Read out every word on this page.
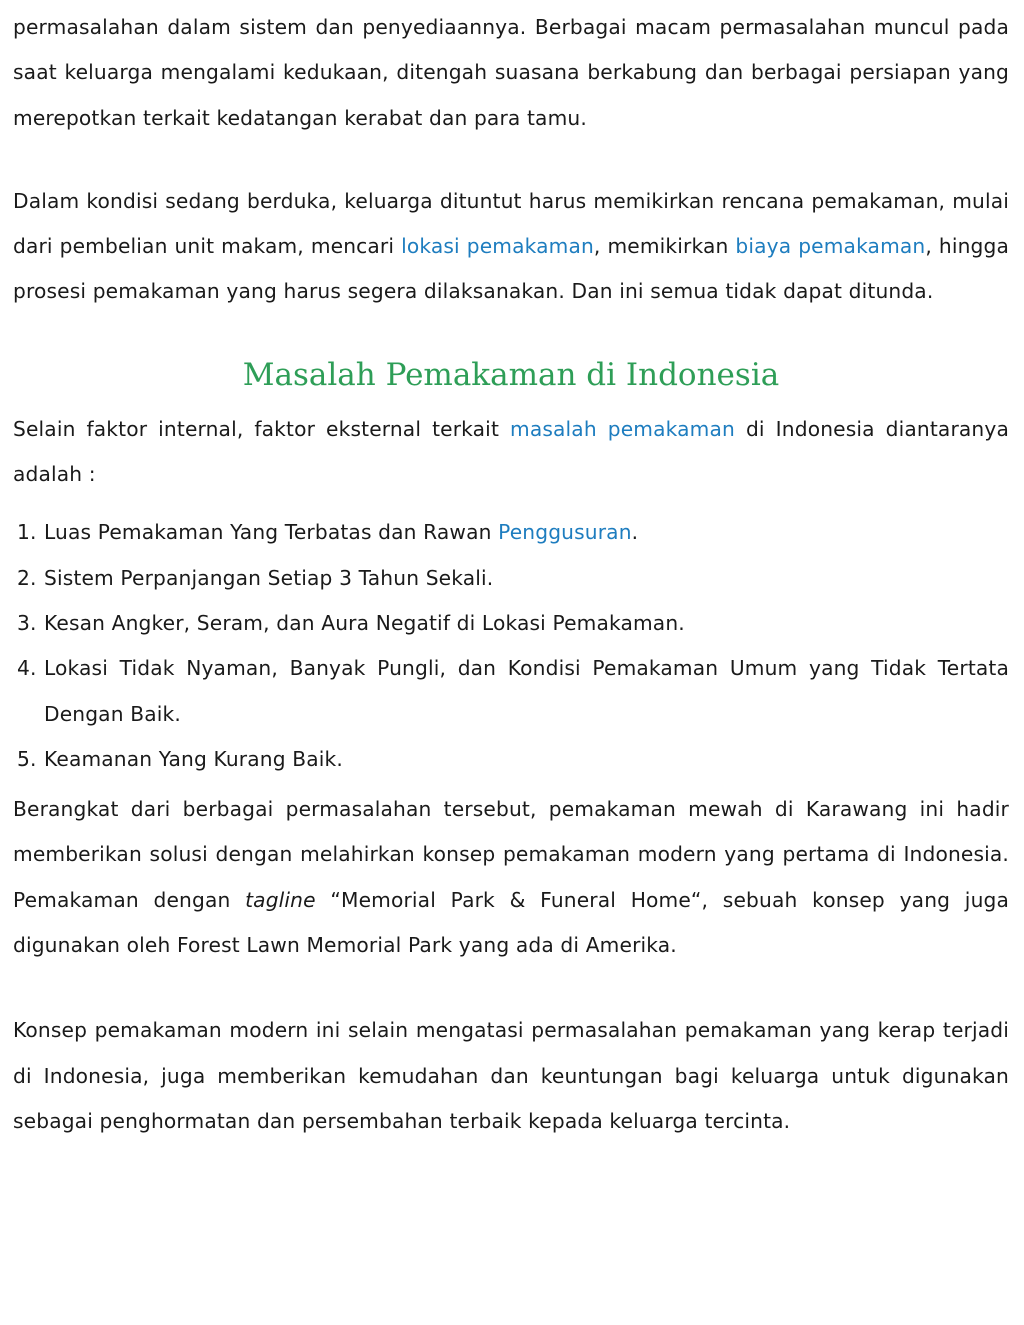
permasalahan dalam sistem dan penyediaannya. Berbagai macam permasalahan muncul pada saat keluarga mengalami kedukaan, ditengah suasana berkabung dan berbagai persiapan yang merepotkan terkait kedatangan kerabat dan para tamu.

Dalam kondisi sedang berduka, keluarga dituntut harus memikirkan rencana pemakaman, mulai dari pembelian unit makam, mencari lokasi pemakaman, memikirkan biaya pemakaman, hingga prosesi pemakaman yang harus segera dilaksanakan. Dan ini semua tidak dapat ditunda.

Masalah Pemakaman di Indonesia

Selain faktor internal, faktor eksternal terkait masalah pemakaman di Indonesia diantaranya adalah :

1. Luas Pemakaman Yang Terbatas dan Rawan Penggusuran.
2. Sistem Perpanjangan Setiap 3 Tahun Sekali.
3. Kesan Angker, Seram, dan Aura Negatif di Lokasi Pemakaman.
4. Lokasi Tidak Nyaman, Banyak Pungli, dan Kondisi Pemakaman Umum yang Tidak Tertata Dengan Baik.
5. Keamanan Yang Kurang Baik.

Berangkat dari berbagai permasalahan tersebut, pemakaman mewah di Karawang ini hadir memberikan solusi dengan melahirkan konsep pemakaman modern yang pertama di Indonesia. Pemakaman dengan tagline “Memorial Park & Funeral Home“, sebuah konsep yang juga digunakan oleh Forest Lawn Memorial Park yang ada di Amerika.

Konsep pemakaman modern ini selain mengatasi permasalahan pemakaman yang kerap terjadi di Indonesia, juga memberikan kemudahan dan keuntungan bagi keluarga untuk digunakan sebagai penghormatan dan persembahan terbaik kepada keluarga tercinta.
